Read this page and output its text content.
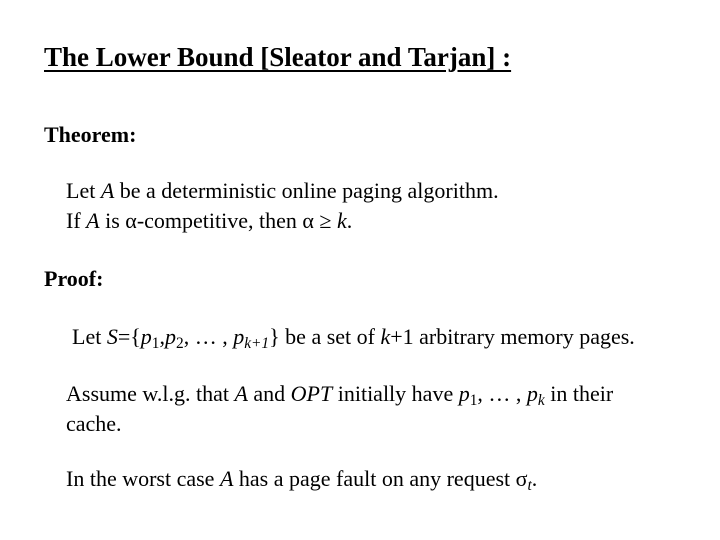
The Lower Bound [Sleator and Tarjan] :
Theorem:
Let A be a deterministic online paging algorithm.
If A is α-competitive, then α ≥ k.
Proof:
Let $S=\{p_1,p_2$, … , $p_{k+1}$} be a set of k+1 arbitrary memory pages.
Assume w.l.g. that A and OPT initially have $p_1$, … , $p_k$ in their
cache.
In the worst case A has a page fault on any request $\sigma_t$.
